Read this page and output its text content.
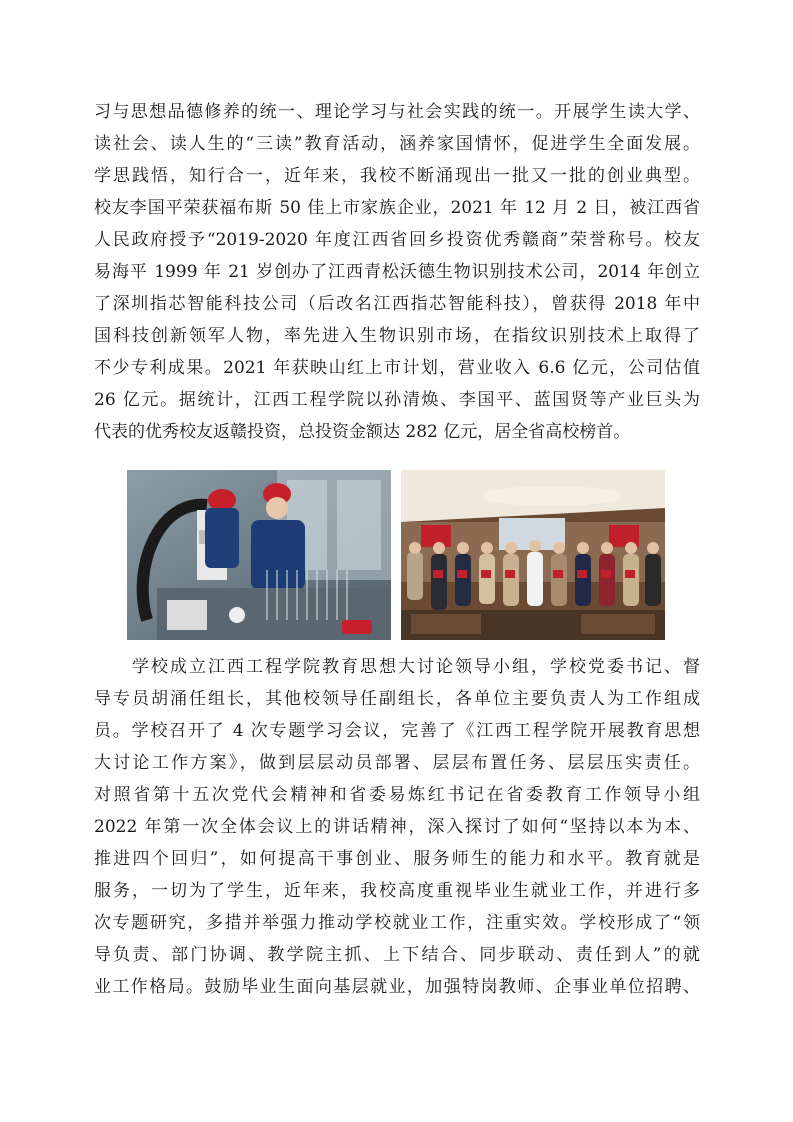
习与思想品德修养的统一、理论学习与社会实践的统一。开展学生读大学、
读社会、读人生的“三读”教育活动，涵养家国情怀，促进学生全面发展。
学思践悟，知行合一，近年来，我校不断涌现出一批又一批的创业典型。
校友李国平荣获福布斯 50 佳上市家族企业，2021 年 12 月 2 日，被江西省
人民政府授予“2019-2020 年度江西省回乡投资优秀赣商”荣誉称号。校友
易海平 1999 年 21 岁创办了江西青松沃德生物识别技术公司，2014 年创立
了深圳指芯智能科技公司（后改名江西指芯智能科技），曾获得 2018 年中
国科技创新领军人物，率先进入生物识别市场，在指纹识别技术上取得了
不少专利成果。2021 年获映山红上市计划，营业收入 6.6 亿元，公司估值
26 亿元。据统计，江西工程学院以孙清焕、李国平、蓝国贤等产业巨头为
代表的优秀校友返赣投资，总投资金额达 282 亿元，居全省高校榜首。
　　学校成立江西工程学院教育思想大讨论领导小组，学校党委书记、督
导专员胡涌任组长，其他校领导任副组长，各单位主要负责人为工作组成
员。学校召开了 4 次专题学习会议，完善了《江西工程学院开展教育思想
大讨论工作方案》，做到层层动员部署、层层布置任务、层层压实责任。
对照省第十五次党代会精神和省委易炼红书记在省委教育工作领导小组
2022 年第一次全体会议上的讲话精神，深入探讨了如何“坚持以本为本、
推进四个回归”，如何提高干事创业、服务师生的能力和水平。教育就是
服务，一切为了学生，近年来，我校高度重视毕业生就业工作，并进行多
次专题研究，多措并举强力推动学校就业工作，注重实效。学校形成了“领
导负责、部门协调、教学院主抓、上下结合、同步联动、责任到人”的就
业工作格局。鼓励毕业生面向基层就业，加强特岗教师、企事业单位招聘、
